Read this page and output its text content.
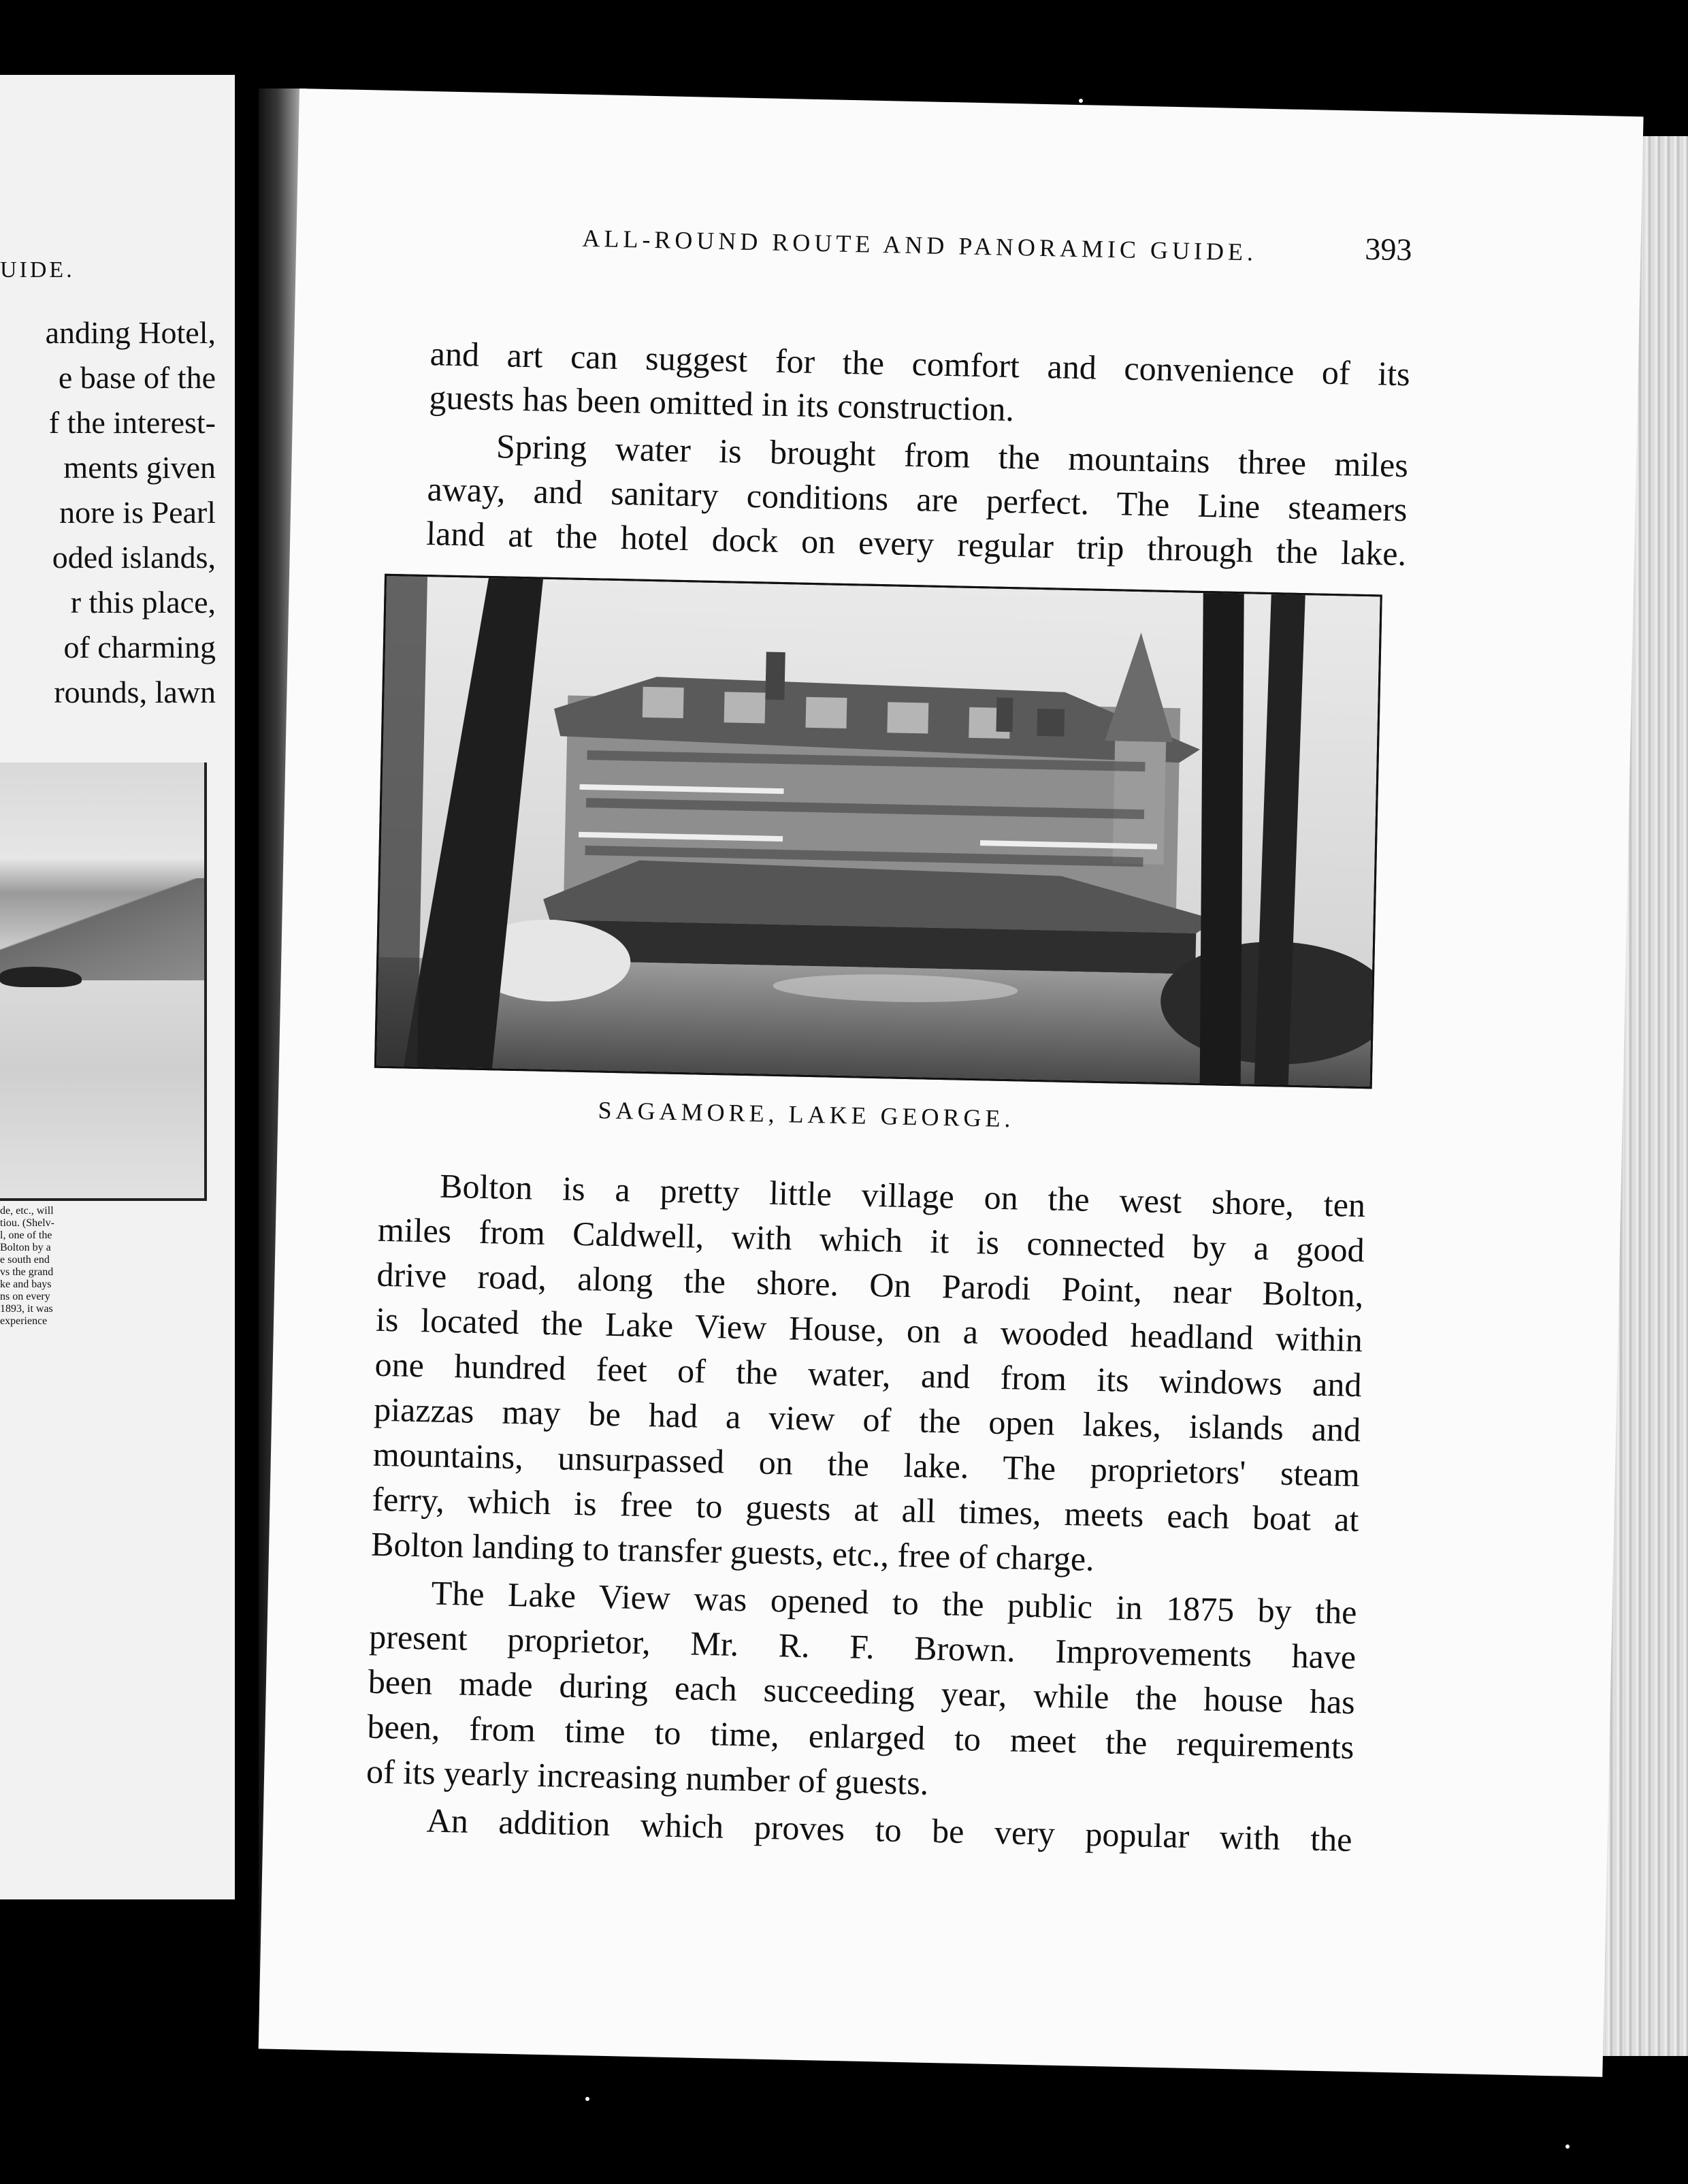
UIDE.
anding Hotel,
e base of the
f the interest-
ments given
nore is Pearl
oded islands,
r this place,
of charming
rounds, lawn
de, etc., will
tiou. (Shelv-
l, one of the
Bolton by a
e south end
vs the grand
ke and bays
ns on every
1893, it was
experience
ALL-ROUND ROUTE AND PANORAMIC GUIDE.	393
and art can suggest for the comfort and convenience of its
guests has been omitted in its construction.
Spring water is brought from the mountains three miles
away, and sanitary conditions are perfect. The Line steamers
land at the hotel dock on every regular trip through the lake.
SAGAMORE, LAKE GEORGE.
Bolton is a pretty little village on the west shore, ten
miles from Caldwell, with which it is connected by a good
drive road, along the shore. On Parodi Point, near Bolton,
is located the Lake View House, on a wooded headland within
one hundred feet of the water, and from its windows and
piazzas may be had a view of the open lakes, islands and
mountains, unsurpassed on the lake. The proprietors' steam
ferry, which is free to guests at all times, meets each boat at
Bolton landing to transfer guests, etc., free of charge.
The Lake View was opened to the public in 1875 by the
present proprietor, Mr. R. F. Brown. Improvements have
been made during each succeeding year, while the house has
been, from time to time, enlarged to meet the requirements
of its yearly increasing number of guests.
An addition which proves to be very popular with the
